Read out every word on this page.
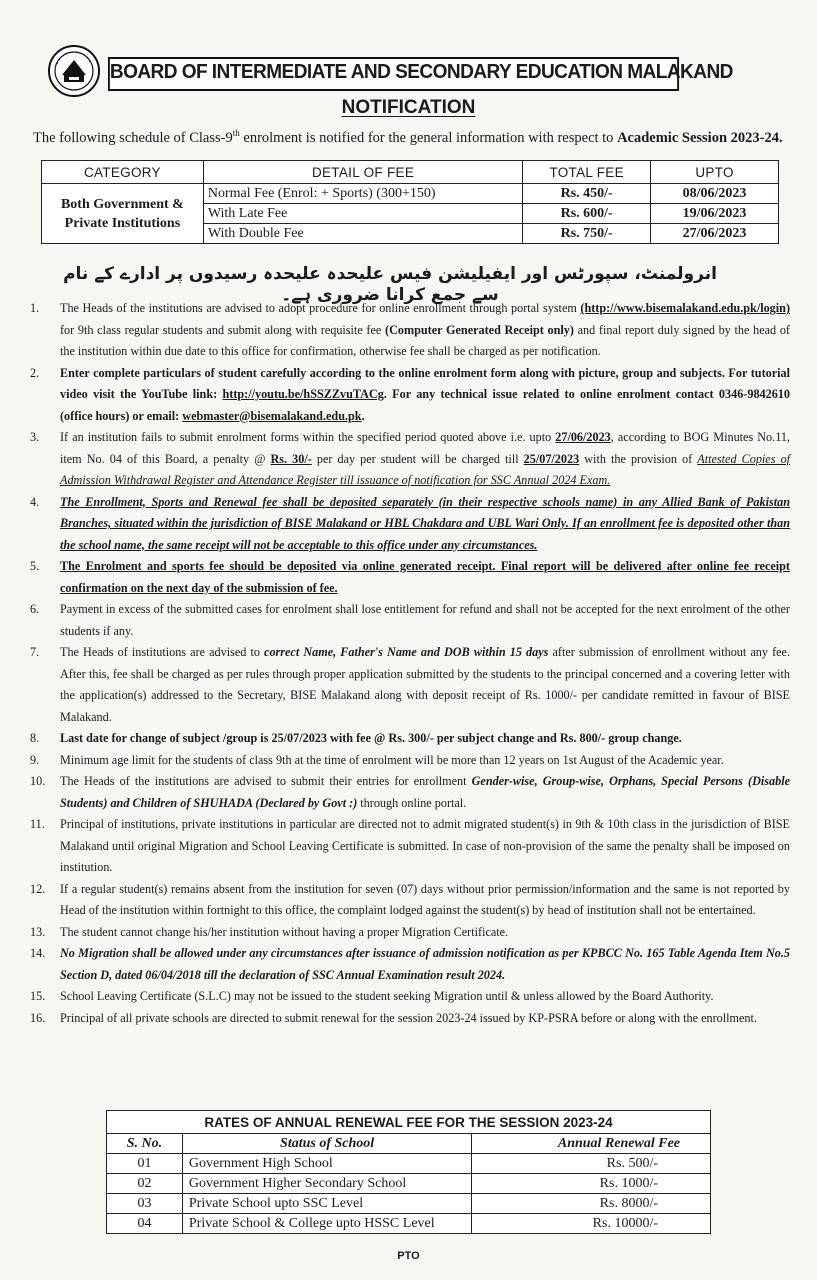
BOARD OF INTERMEDIATE AND SECONDARY EDUCATION MALAKAND
NOTIFICATION
The following schedule of Class-9th enrolment is notified for the general information with respect to Academic Session 2023-24.
CATEGORY	DETAIL OF FEE	TOTAL FEE	UPTO
Both Government & Private Institutions	Normal Fee (Enrol: + Sports) (300+150)	Rs. 450/-	08/06/2023
	With Late Fee	Rs. 600/-	19/06/2023
	With Double Fee	Rs. 750/-	27/06/2023
انرولمنٹ، سپورٹس اور ایفیلیشن فیس علیحدہ علیحدہ رسیدوں پر ادارے کے نام سے جمع کرانا ضروری ہے۔
1. The Heads of the institutions are advised to adopt procedure for online enrollment through portal system (http://www.bisemalakand.edu.pk/login) for 9th class regular students and submit along with requisite fee (Computer Generated Receipt only) and final report duly signed by the head of the institution within due date to this office for confirmation, otherwise fee shall be charged as per notification.
2. Enter complete particulars of student carefully according to the online enrolment form along with picture, group and subjects. For tutorial video visit the YouTube link: http://youtu.be/hSSZZvuTACg. For any technical issue related to online enrolment contact 0346-9842610 (office hours) or email: webmaster@bisemalakand.edu.pk.
3. If an institution fails to submit enrolment forms within the specified period quoted above i.e. upto 27/06/2023, according to BOG Minutes No.11, item No. 04 of this Board, a penalty @ Rs. 30/- per day per student will be charged till 25/07/2023 with the provision of Attested Copies of Admission Withdrawal Register and Attendance Register till issuance of notification for SSC Annual 2024 Exam.
4. The Enrollment, Sports and Renewal fee shall be deposited separately (in their respective schools name) in any Allied Bank of Pakistan Branches, situated within the jurisdiction of BISE Malakand or HBL Chakdara and UBL Wari Only. If an enrollment fee is deposited other than the school name, the same receipt will not be acceptable to this office under any circumstances.
5. The Enrolment and sports fee should be deposited via online generated receipt. Final report will be delivered after online fee receipt confirmation on the next day of the submission of fee.
6. Payment in excess of the submitted cases for enrolment shall lose entitlement for refund and shall not be accepted for the next enrolment of the other students if any.
7. The Heads of institutions are advised to correct Name, Father's Name and DOB within 15 days after submission of enrollment without any fee. After this, fee shall be charged as per rules through proper application submitted by the students to the principal concerned and a covering letter with the application(s) addressed to the Secretary, BISE Malakand along with deposit receipt of Rs. 1000/- per candidate remitted in favour of BISE Malakand.
8. Last date for change of subject /group is 25/07/2023 with fee @ Rs. 300/- per subject change and Rs. 800/- group change.
9. Minimum age limit for the students of class 9th at the time of enrolment will be more than 12 years on 1st August of the Academic year.
10. The Heads of the institutions are advised to submit their entries for enrollment Gender-wise, Group-wise, Orphans, Special Persons (Disable Students) and Children of SHUHADA (Declared by Govt :) through online portal.
11. Principal of institutions, private institutions in particular are directed not to admit migrated student(s) in 9th & 10th class in the jurisdiction of BISE Malakand until original Migration and School Leaving Certificate is submitted. In case of non-provision of the same the penalty shall be imposed on institution.
12. If a regular student(s) remains absent from the institution for seven (07) days without prior permission/information and the same is not reported by Head of the institution within fortnight to this office, the complaint lodged against the student(s) by head of institution shall not be entertained.
13. The student cannot change his/her institution without having a proper Migration Certificate.
14. No Migration shall be allowed under any circumstances after issuance of admission notification as per KPBCC No. 165 Table Agenda Item No.5 Section D, dated 06/04/2018 till the declaration of SSC Annual Examination result 2024.
15. School Leaving Certificate (S.L.C) may not be issued to the student seeking Migration until & unless allowed by the Board Authority.
16. Principal of all private schools are directed to submit renewal for the session 2023-24 issued by KP-PSRA before or along with the enrollment.
RATES OF ANNUAL RENEWAL FEE FOR THE SESSION 2023-24		
S. No.	Status of School	Annual Renewal Fee
01	Government High School	Rs. 500/-
02	Government Higher Secondary School	Rs. 1000/-
03	Private School upto SSC Level	Rs. 8000/-
04	Private School & College upto HSSC Level	Rs. 10000/-
PTO
